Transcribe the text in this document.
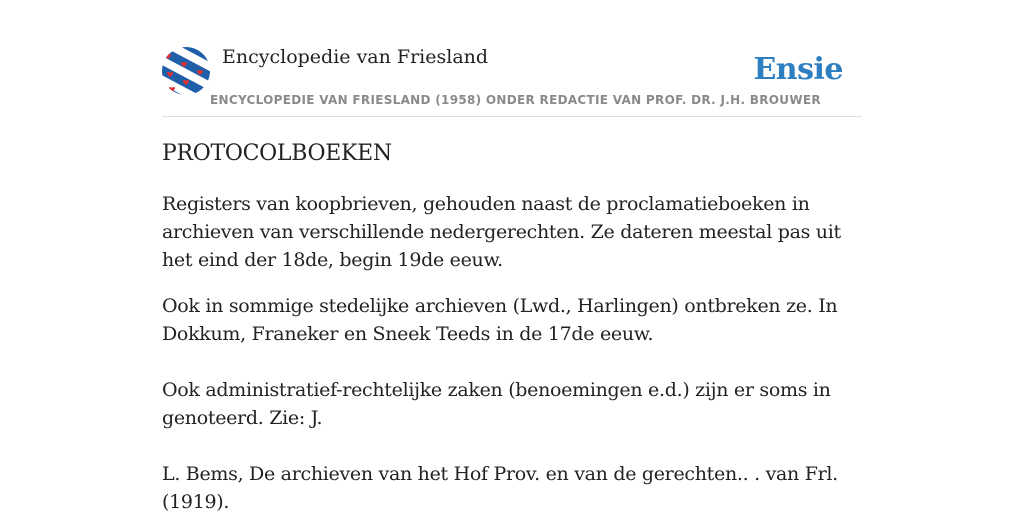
Encyclopedie van Friesland	Ensie
ENCYCLOPEDIE VAN FRIESLAND (1958) ONDER REDACTIE VAN PROF. DR. J.H. BROUWER
PROTOCOLBOEKEN

Registers van koopbrieven, gehouden naast de proclamatieboeken in archieven van verschillende nedergerechten. Ze dateren meestal pas uit het eind der 18de, begin 19de eeuw.

Ook in sommige stedelijke archieven (Lwd., Harlingen) ontbreken ze. In Dokkum, Franeker en Sneek Teeds in de 17de eeuw.

Ook administratief-rechtelijke zaken (benoemingen e.d.) zijn er soms in genoteerd. Zie: J.

L. Bems, De archieven van het Hof Prov. en van de gerechten.. . van Frl. (1919).
